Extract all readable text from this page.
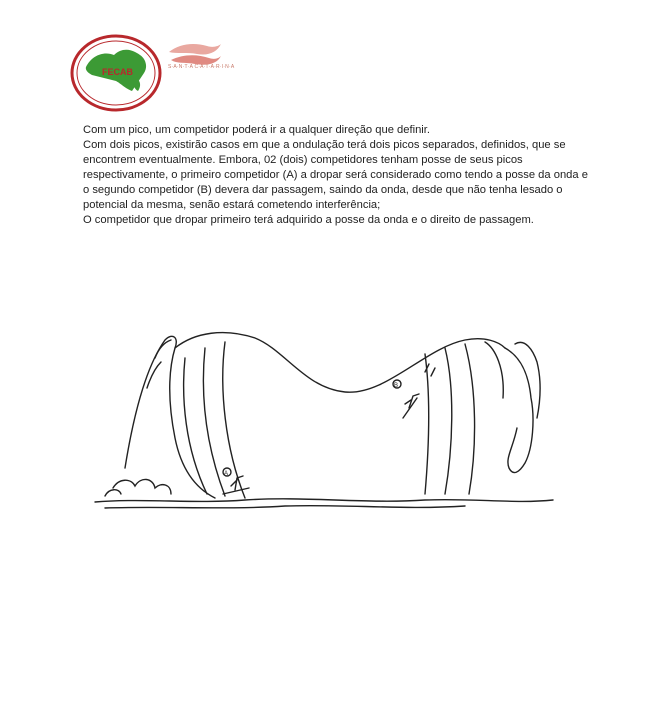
FECAB	S·A·N·T·A C·A·T·A·R·I·N·A

Com um pico, um competidor poderá ir a qualquer direção que definir.

Com dois picos, existirão casos em que a ondulação terá dois picos separados, definidos, que se encontrem eventualmente. Embora, 02 (dois) competidores tenham posse de seus picos respectivamente, o primeiro competidor (A) a dropar será considerado como tendo a posse da onda e o segundo competidor (B) devera dar passagem, saindo da onda, desde que não tenha lesado o potencial da mesma, senão estará cometendo interferência;

O competidor que dropar primeiro terá adquirido a posse da onda e o direito de passagem.

A
B
